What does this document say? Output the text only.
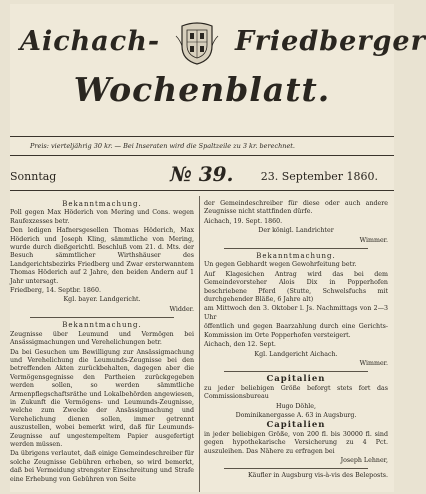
Aichach-	Friedberger
Wochenblatt.
Preis: vierteljährig 30 kr. — Bei Inseraten wird die Spaltzeile zu 3 kr. berechnet.
Sonntag	№ 39. 23. September 1860.

Bekanntmachung.

Poll gegen Max Höderich von Mering und Cons. wegen Raufexzesses betr.

Den ledigen Hafnersgesellen Thomas Höderich, Max Höderich und Joseph Kling, sämmtliche von Mering, wurde durch dießgerichtl. Beschluß vom 21. d. Mts. der Besuch sämmtlicher Wirthshäuser des Landgerichtsbezirks Friedberg und Zwar ersterwanntem Thomas Höderich auf 2 Jahre, den beiden Andern auf 1 Jahr untersagt.

Friedberg, 14. Septbr. 1860.

Kgl. bayer. Landgericht.

Widder.

Bekanntmachung.

Zeugnisse über Leumund und Vermögen bei Ansässigmachungen und Verehelichungen betr.

Da bei Gesuchen um Bewilligung zur Ansässigmachung und Verehelichung die Leumunds-Zeugnisse bei den betreffenden Akten zurückbehalten, dagegen aber die Vermögensgegnisse den Partheien zurückgegeben werden sollen, so werden sämmtliche Armenpflegschaftsräthe und Lokalbehörden angewiesen, in Zukunft die Vermögens- und Leumunds-Zeugnisse, welche zum Zwecke der Ansässigmachung und Verehelichung dienen sollen, immer getrennt auszustellen, wobei bemerkt wird, daß für Leumunds-Zeugnisse auf ungestempeltem Papier ausgefertigt werden müssen.

Da übrigens verlautet, daß einige Gemeindeschreiber für solche Zeugnisse Gebühren erheben, so wird bemerkt, daß bei Vermeidung strengster Einschreitung und Strafe eine Erhebung von Gebühren von Seite

der Gemeindeschreiber für diese oder auch andere Zeugnisse nicht stattfinden dürfe.

Aichach, 19. Sept. 1860.

Der königl. Landrichter

Wimmer.

Bekanntmachung.

Un gegen Gebhardt wegen Gewohrfeitung betr.

Auf Klagesichen Antrag wird das bei dem Gemeindevorsteher Alois Dix in Popperhofen beschriebene Pferd (Stutte, Schwelsfuchs mit durchgehender Bläße, 6 Jahre alt)

am Mittwoch den 3. Oktober l. Js. Nachmittags von 2—3 Uhr

öffentlich und gegen Baarzahlung durch eine Gerichts-Kommission im Orte Popperhofen versteigert.

Aichach, den 12. Sept.

Kgl. Landgericht Aichach.

Wimmer.

Capitalien

zu jeder beliebigen Größe beforgt stets fort das Commissionsbureau

Hugo Döhle,

Dominikanergasse A. 63 in Augsburg.

Capitalien

in jeder beliebigen Größe, von 200 fl. bis 30000 fl. sind gegen hypothekarische Versicherung zu 4 Pct. auszuleihen. Das Nähere zu erfragen bei

Joseph Lehner,

Käufler in Augsburg vis-à-vis des Beleposts.
